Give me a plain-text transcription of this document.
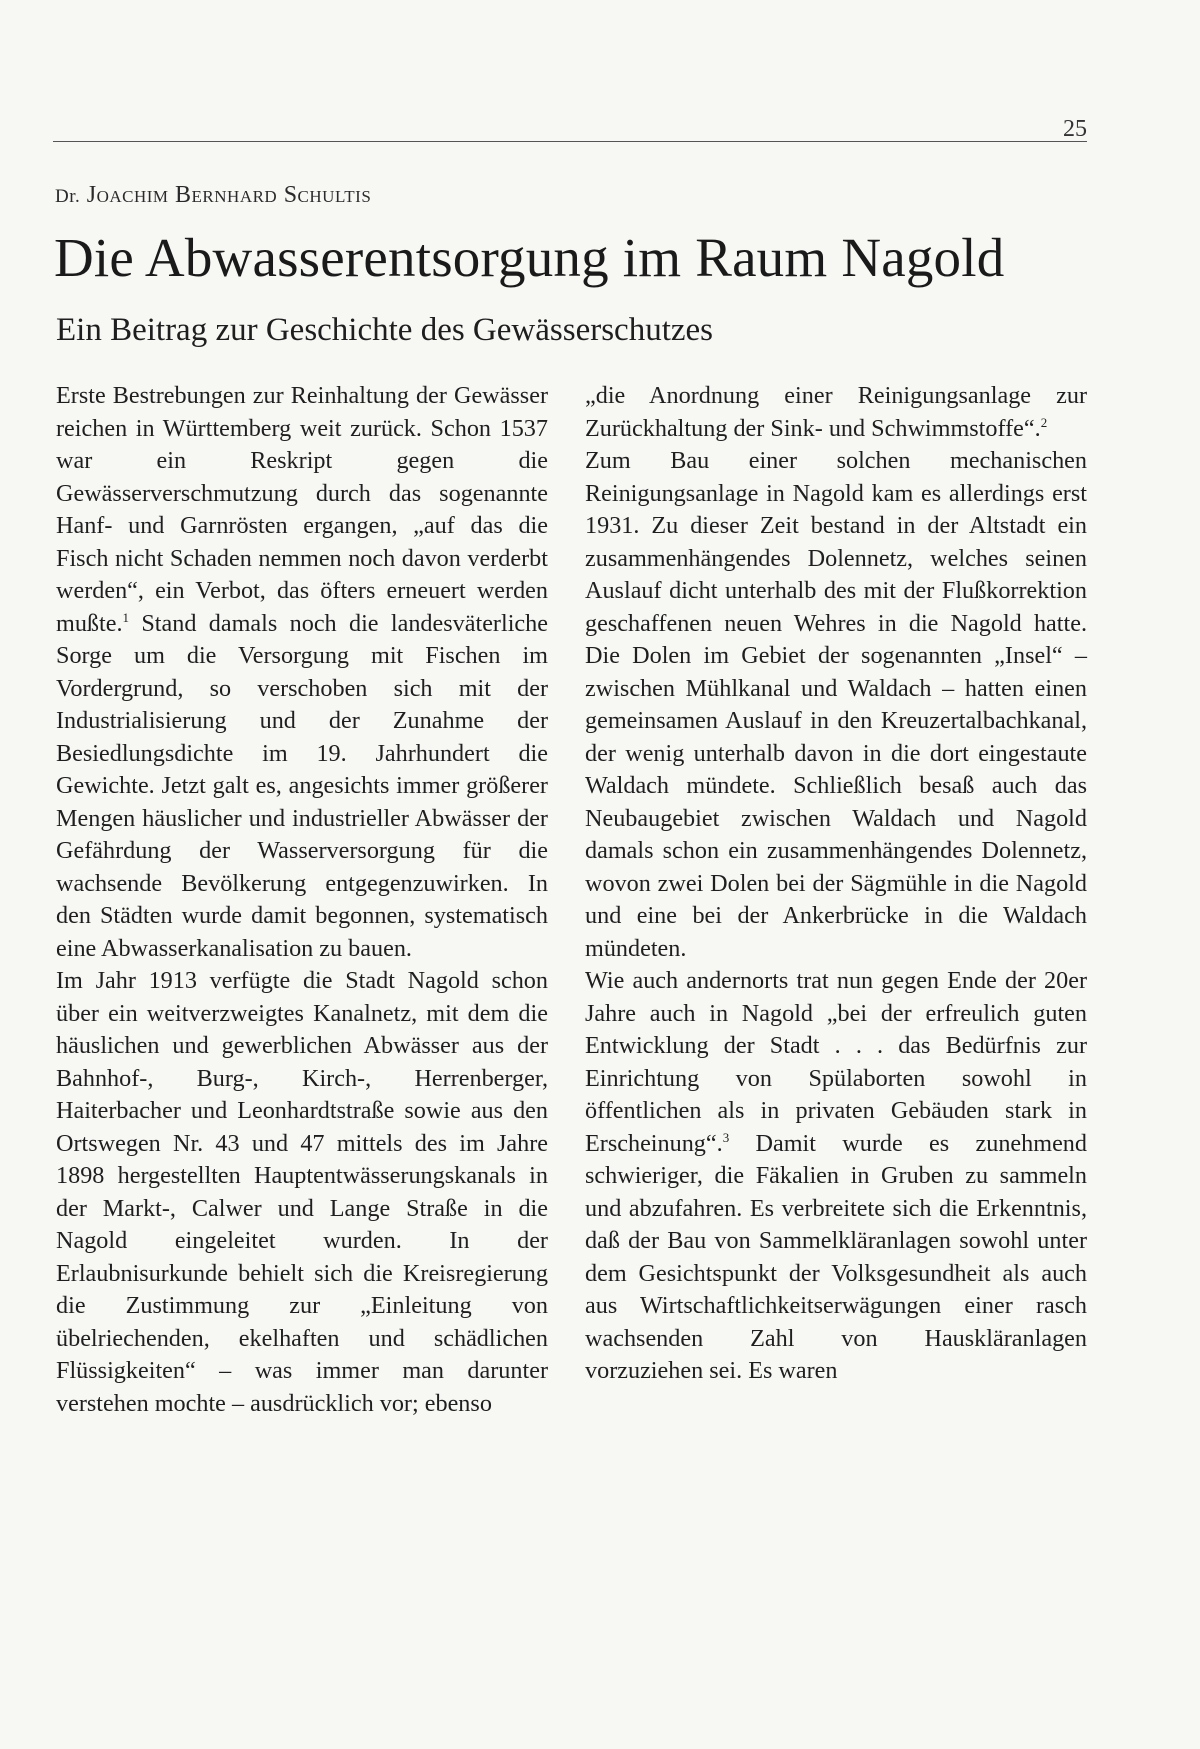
25
Dr. Joachim Bernhard Schultis
Die Abwasserentsorgung im Raum Nagold
Ein Beitrag zur Geschichte des Gewässerschutzes

Erste Bestrebungen zur Reinhaltung der Gewässer reichen in Württemberg weit zurück. Schon 1537 war ein Reskript gegen die Gewässerverschmutzung durch das sogenannte Hanf- und Garnrösten ergangen, „auf das die Fisch nicht Schaden nemmen noch davon verderbt werden“, ein Verbot, das öfters erneuert werden mußte.$^1$ Stand damals noch die landesväterliche Sorge um die Versorgung mit Fischen im Vordergrund, so verschoben sich mit der Industrialisierung und der Zunahme der Besiedlungsdichte im 19. Jahrhundert die Gewichte. Jetzt galt es, angesichts immer größerer Mengen häuslicher und industrieller Abwässer der Gefährdung der Wasserversorgung für die wachsende Bevölkerung entgegenzuwirken. In den Städten wurde damit begonnen, systematisch eine Abwasserkanalisation zu bauen.

Im Jahr 1913 verfügte die Stadt Nagold schon über ein weitverzweigtes Kanalnetz, mit dem die häuslichen und gewerblichen Abwässer aus der Bahnhof-, Burg-, Kirch-, Herrenberger, Haiterbacher und Leonhardtstraße sowie aus den Ortswegen Nr. 43 und 47 mittels des im Jahre 1898 hergestellten Hauptentwässerungskanals in der Markt-, Calwer und Lange Straße in die Nagold eingeleitet wurden. In der Erlaubnisurkunde behielt sich die Kreisregierung die Zustimmung zur „Einleitung von übelriechenden, ekelhaften und schädlichen Flüssigkeiten“ – was immer man darunter verstehen mochte – ausdrücklich vor; ebenso

„die Anordnung einer Reinigungsanlage zur Zurückhaltung der Sink- und Schwimmstoffe“.$^2$

Zum Bau einer solchen mechanischen Reinigungsanlage in Nagold kam es allerdings erst 1931. Zu dieser Zeit bestand in der Altstadt ein zusammenhängendes Dolennetz, welches seinen Auslauf dicht unterhalb des mit der Flußkorrektion geschaffenen neuen Wehres in die Nagold hatte. Die Dolen im Gebiet der sogenannten „Insel“ – zwischen Mühlkanal und Waldach – hatten einen gemeinsamen Auslauf in den Kreuzertalbachkanal, der wenig unterhalb davon in die dort eingestaute Waldach mündete. Schließlich besaß auch das Neubaugebiet zwischen Waldach und Nagold damals schon ein zusammenhängendes Dolennetz, wovon zwei Dolen bei der Sägmühle in die Nagold und eine bei der Ankerbrücke in die Waldach mündeten.

Wie auch andernorts trat nun gegen Ende der 20er Jahre auch in Nagold „bei der erfreulich guten Entwicklung der Stadt . . . das Bedürfnis zur Einrichtung von Spülaborten sowohl in öffentlichen als in privaten Gebäuden stark in Erscheinung“.$^3$ Damit wurde es zunehmend schwieriger, die Fäkalien in Gruben zu sammeln und abzufahren. Es verbreitete sich die Erkenntnis, daß der Bau von Sammelkläranlagen sowohl unter dem Gesichtspunkt der Volksgesundheit als auch aus Wirtschaftlichkeitserwägungen einer rasch wachsenden Zahl von Hauskläranlagen vorzuziehen sei. Es waren
